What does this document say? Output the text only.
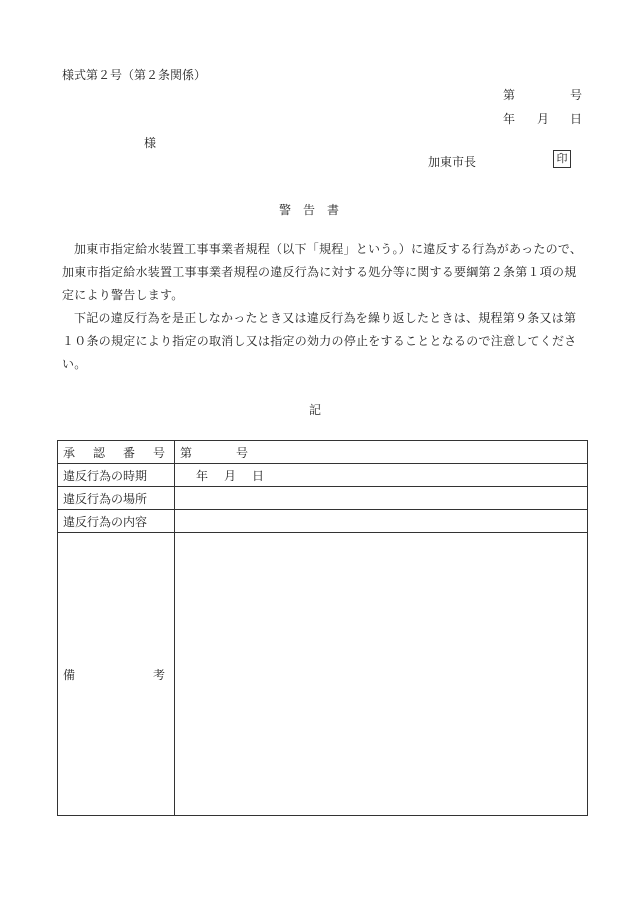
様式第２号（第２条関係）
第	号
年 月 日
様
加東市長	印
警告書
加東市指定給水装置工事事業者規程（以下「規程」という。）に違反する行為があったので、加東市指定給水装置工事事業者規程の違反行為に対する処分等に関する要綱第２条第１項の規定により警告します。
下記の違反行為を是正しなかったとき又は違反行為を繰り返したときは、規程第９条又は第１０条の規定により指定の取消し又は指定の効力の停止をすることとなるので注意してください。
記
承 認 番 号	第 号
違反行為の時期	年 月 日
違反行為の場所	
違反行為の内容	

備 考	
